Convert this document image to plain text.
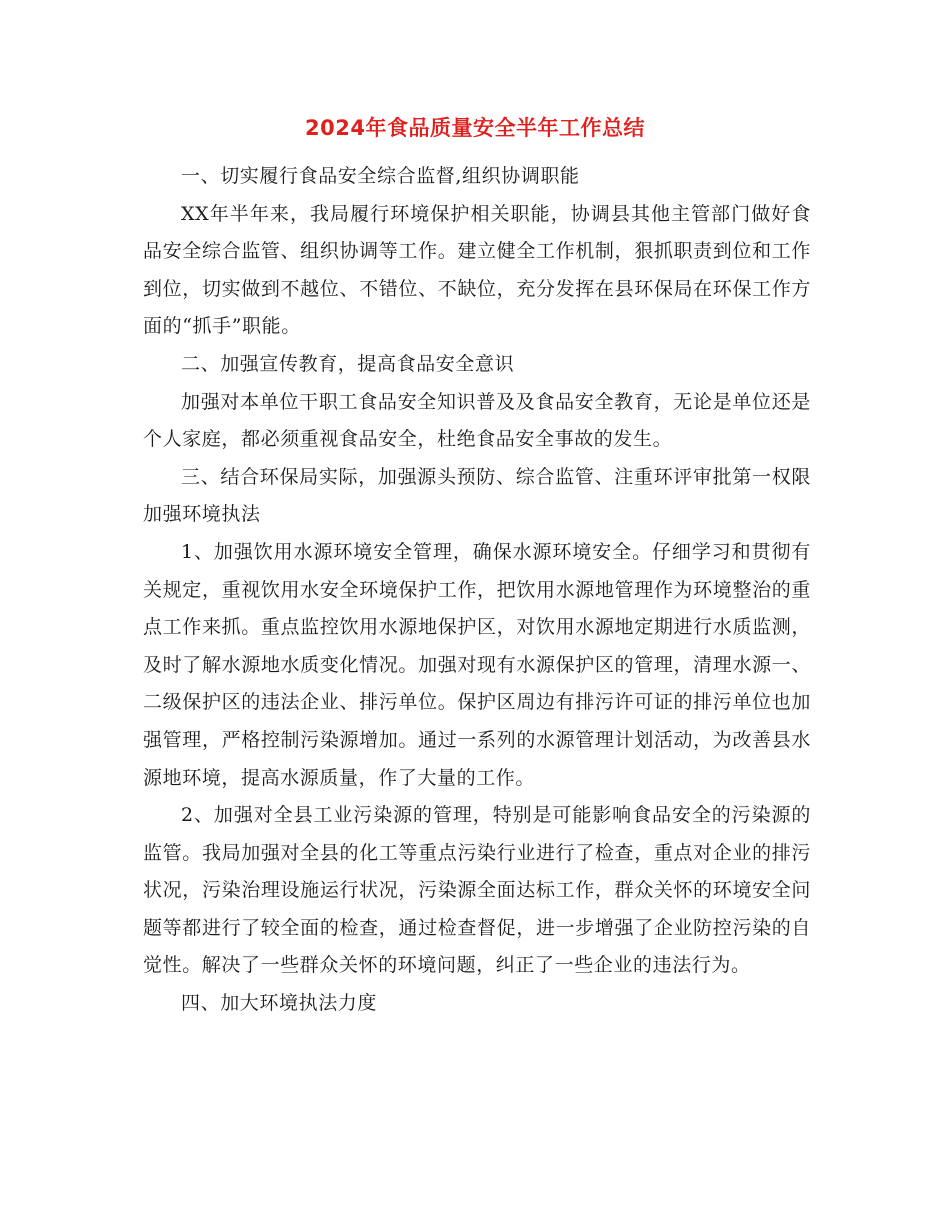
2024年食品质量安全半年工作总结

一、切实履行食品安全综合监督,组织协调职能

XX年半年来，我局履行环境保护相关职能，协调县其他主管部门做好食品安全综合监管、组织协调等工作。建立健全工作机制，狠抓职责到位和工作到位，切实做到不越位、不错位、不缺位，充分发挥在县环保局在环保工作方面的“抓手”职能。

二、加强宣传教育，提高食品安全意识

加强对本单位干职工食品安全知识普及及食品安全教育，无论是单位还是个人家庭，都必须重视食品安全，杜绝食品安全事故的发生。

三、结合环保局实际，加强源头预防、综合监管、注重环评审批第一权限加强环境执法

1、加强饮用水源环境安全管理，确保水源环境安全。仔细学习和贯彻有关规定，重视饮用水安全环境保护工作，把饮用水源地管理作为环境整治的重点工作来抓。重点监控饮用水源地保护区，对饮用水源地定期进行水质监测，及时了解水源地水质变化情况。加强对现有水源保护区的管理，清理水源一、二级保护区的违法企业、排污单位。保护区周边有排污许可证的排污单位也加强管理，严格控制污染源增加。通过一系列的水源管理计划活动，为改善县水源地环境，提高水源质量，作了大量的工作。

2、加强对全县工业污染源的管理，特别是可能影响食品安全的污染源的监管。我局加强对全县的化工等重点污染行业进行了检查，重点对企业的排污状况，污染治理设施运行状况，污染源全面达标工作，群众关怀的环境安全问题等都进行了较全面的检查，通过检查督促，进一步增强了企业防控污染的自觉性。解决了一些群众关怀的环境问题，纠正了一些企业的违法行为。

四、加大环境执法力度
